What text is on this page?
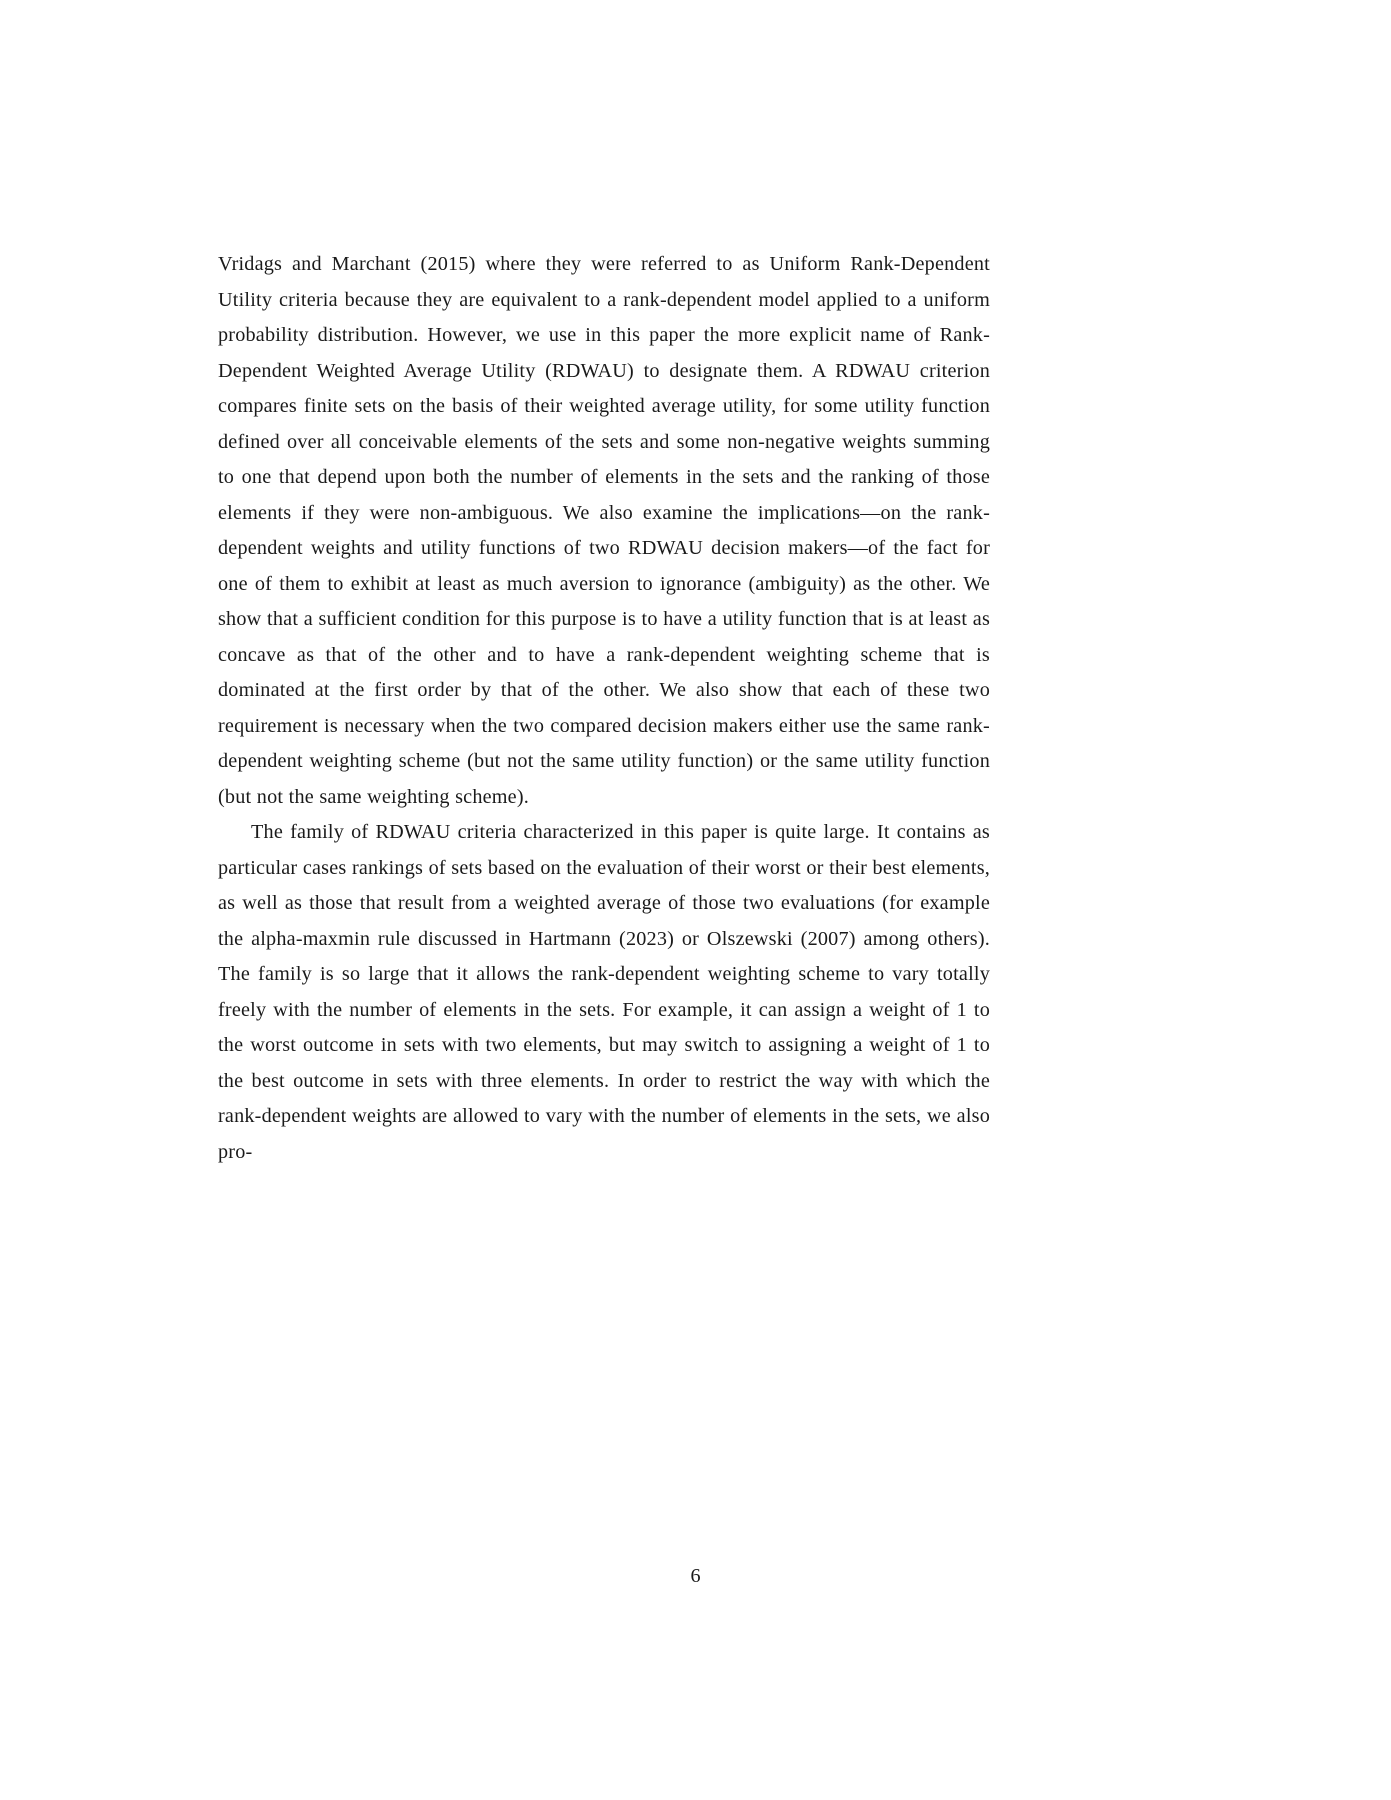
Vridags and Marchant (2015) where they were referred to as Uniform Rank-Dependent Utility criteria because they are equivalent to a rank-dependent model applied to a uniform probability distribution. However, we use in this paper the more explicit name of Rank-Dependent Weighted Average Utility (RDWAU) to designate them. A RDWAU criterion compares finite sets on the basis of their weighted average utility, for some utility function defined over all conceivable elements of the sets and some non-negative weights summing to one that depend upon both the number of elements in the sets and the ranking of those elements if they were non-ambiguous. We also examine the implications—on the rank-dependent weights and utility functions of two RDWAU decision makers—of the fact for one of them to exhibit at least as much aversion to ignorance (ambiguity) as the other. We show that a sufficient condition for this purpose is to have a utility function that is at least as concave as that of the other and to have a rank-dependent weighting scheme that is dominated at the first order by that of the other. We also show that each of these two requirement is necessary when the two compared decision makers either use the same rank-dependent weighting scheme (but not the same utility function) or the same utility function (but not the same weighting scheme).

The family of RDWAU criteria characterized in this paper is quite large. It contains as particular cases rankings of sets based on the evaluation of their worst or their best elements, as well as those that result from a weighted average of those two evaluations (for example the alpha-maxmin rule discussed in Hartmann (2023) or Olszewski (2007) among others). The family is so large that it allows the rank-dependent weighting scheme to vary totally freely with the number of elements in the sets. For example, it can assign a weight of 1 to the worst outcome in sets with two elements, but may switch to assigning a weight of 1 to the best outcome in sets with three elements. In order to restrict the way with which the rank-dependent weights are allowed to vary with the number of elements in the sets, we also pro-

6
